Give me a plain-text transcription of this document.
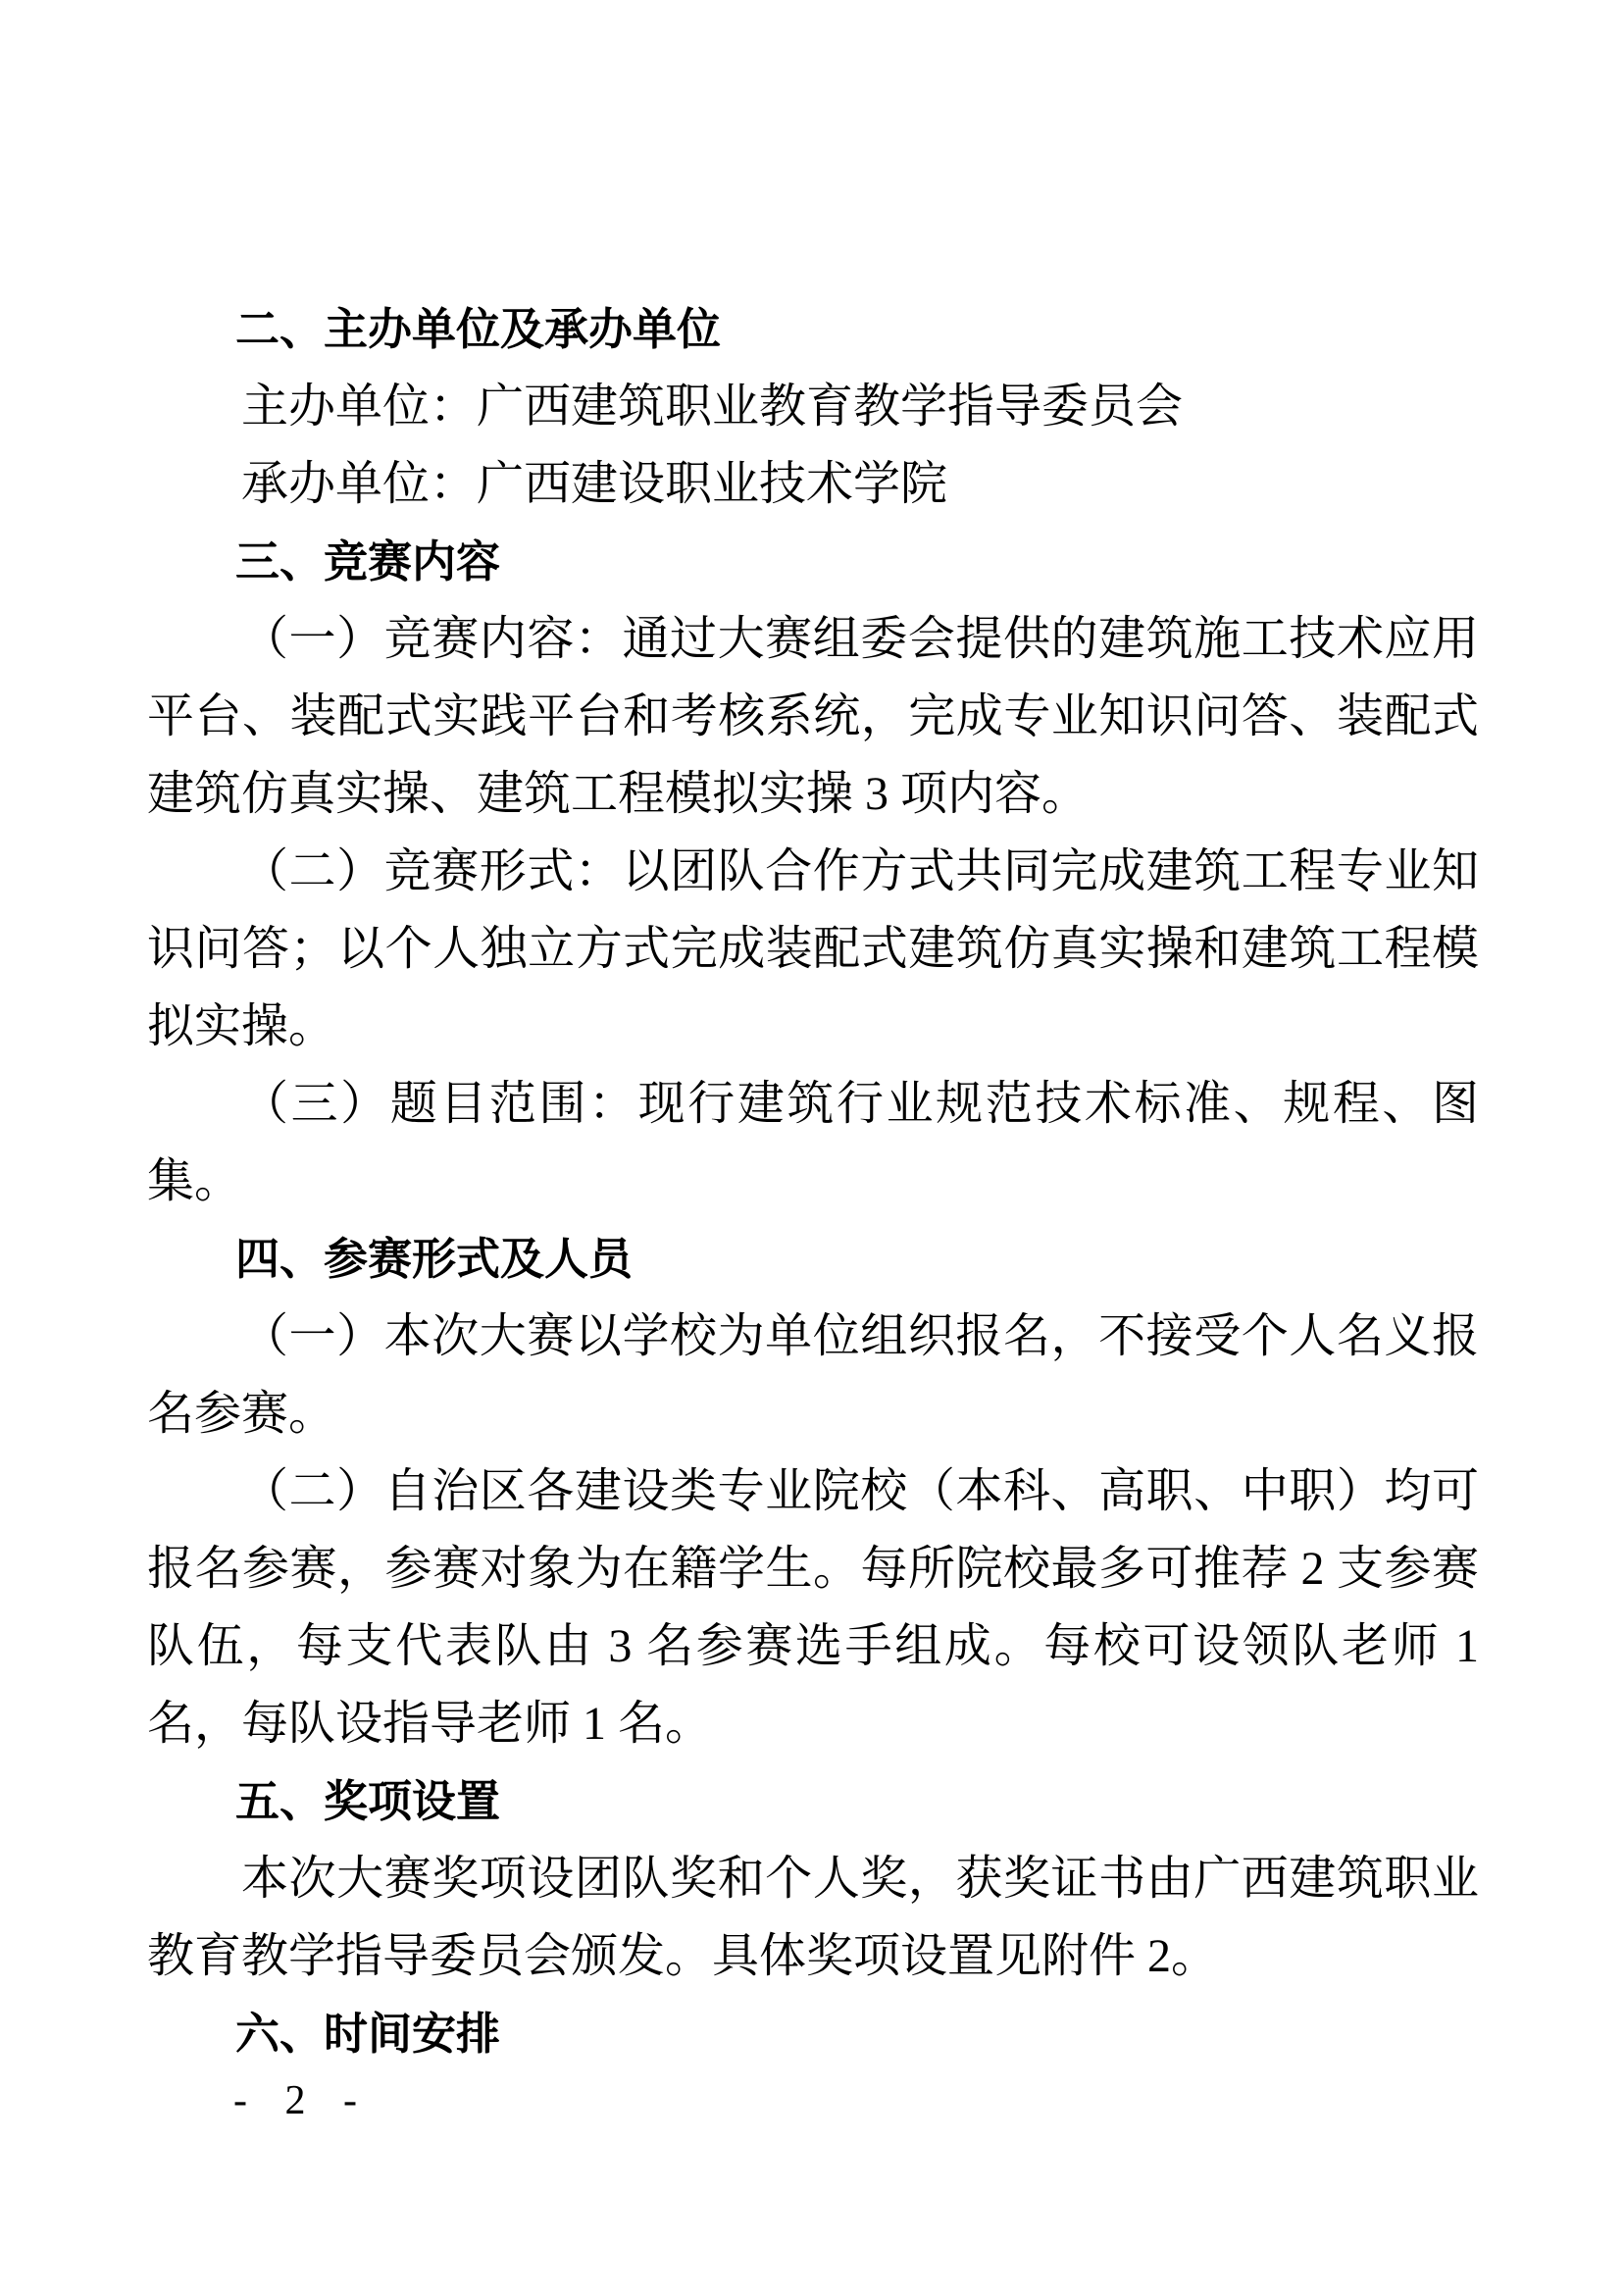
二、主办单位及承办单位

主办单位：广西建筑职业教育教学指导委员会

承办单位：广西建设职业技术学院

三、竞赛内容

（一）竞赛内容：通过大赛组委会提供的建筑施工技术应用平台、装配式实践平台和考核系统，完成专业知识问答、装配式建筑仿真实操、建筑工程模拟实操 3 项内容。

（二）竞赛形式：以团队合作方式共同完成建筑工程专业知识问答；以个人独立方式完成装配式建筑仿真实操和建筑工程模拟实操。

（三）题目范围：现行建筑行业规范技术标准、规程、图集。

四、参赛形式及人员

（一）本次大赛以学校为单位组织报名，不接受个人名义报名参赛。

（二）自治区各建设类专业院校（本科、高职、中职）均可报名参赛，参赛对象为在籍学生。每所院校最多可推荐 2 支参赛队伍，每支代表队由 3 名参赛选手组成。每校可设领队老师 1 名，每队设指导老师 1 名。

五、奖项设置

本次大赛奖项设团队奖和个人奖，获奖证书由广西建筑职业教育教学指导委员会颁发。具体奖项设置见附件 2。

六、时间安排
- 2 -
